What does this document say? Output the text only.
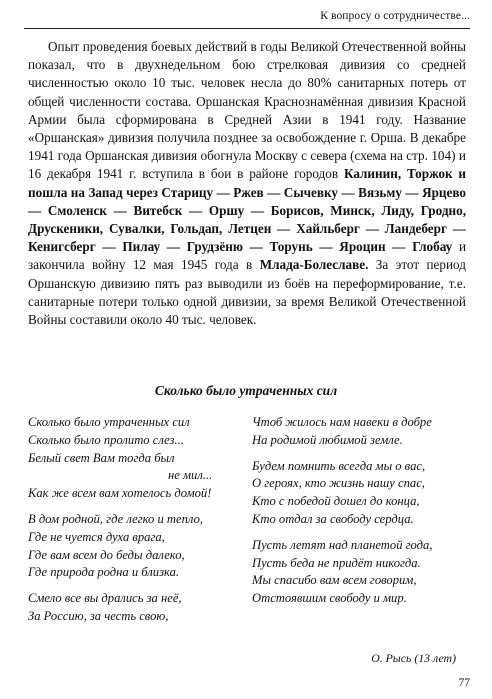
К вопросу о сотрудничестве...

Опыт проведения боевых действий в годы Великой Отечественной войны показал, что в двухнедельном бою стрелковая дивизия со средней численностью около 10 тыс. человек несла до 80% санитарных потерь от общей численности состава. Оршанская Краснознамённая дивизия Красной Армии была сформирована в Средней Азии в 1941 году. Название «Оршанская» дивизия получила позднее за освобождение г. Орша. В декабре 1941 года Оршанская дивизия обогнула Москву с севера (схема на стр. 104) и 16 декабря 1941 г. вступила в бои в районе городов Калинин, Торжок и пошла на Запад через Старицу — Ржев — Сычевку — Вязьму — Ярцево — Смоленск — Витебск — Оршу — Борисов, Минск, Лиду, Гродно, Друскеники, Сувалки, Гольдап, Летцен — Хайльберг — Ландеберг — Кенигсберг — Пилау — Грудзёню — Торунь — Яроцин — Глобау и закончила войну 12 мая 1945 года в Млада-Болеславе. За этот период Оршанскую дивизию пять раз выводили из боёв на переформирование, т.е. санитарные потери только одной дивизии, за время Великой Отечественной Войны составили около 40 тыс. человек.

Сколько было утраченных сил
Сколько было утраченных сил
Сколько было пролито слез...
Белый свет Вам тогда был
не мил...
Как же всем вам хотелось домой!
В дом родной, где легко и тепло,
Где не чуется духа врага,
Где вам всем до беды далеко,
Где природа родна и близка.
Смело все вы дрались за неё,
За Россию, за честь свою,
Чтоб жилось нам навеки в добре
На родимой любимой земле.
Будем помнить всегда мы о вас,
О героях, кто жизнь нашу спас,
Кто с победой дошел до конца,
Кто отдал за свободу сердца.
Пусть летят над планетой года,
Пусть беда не придёт никогда.
Мы спасибо вам всем говорим,
Отстоявшим свободу и мир.
О. Рысь (13 лет)
77
